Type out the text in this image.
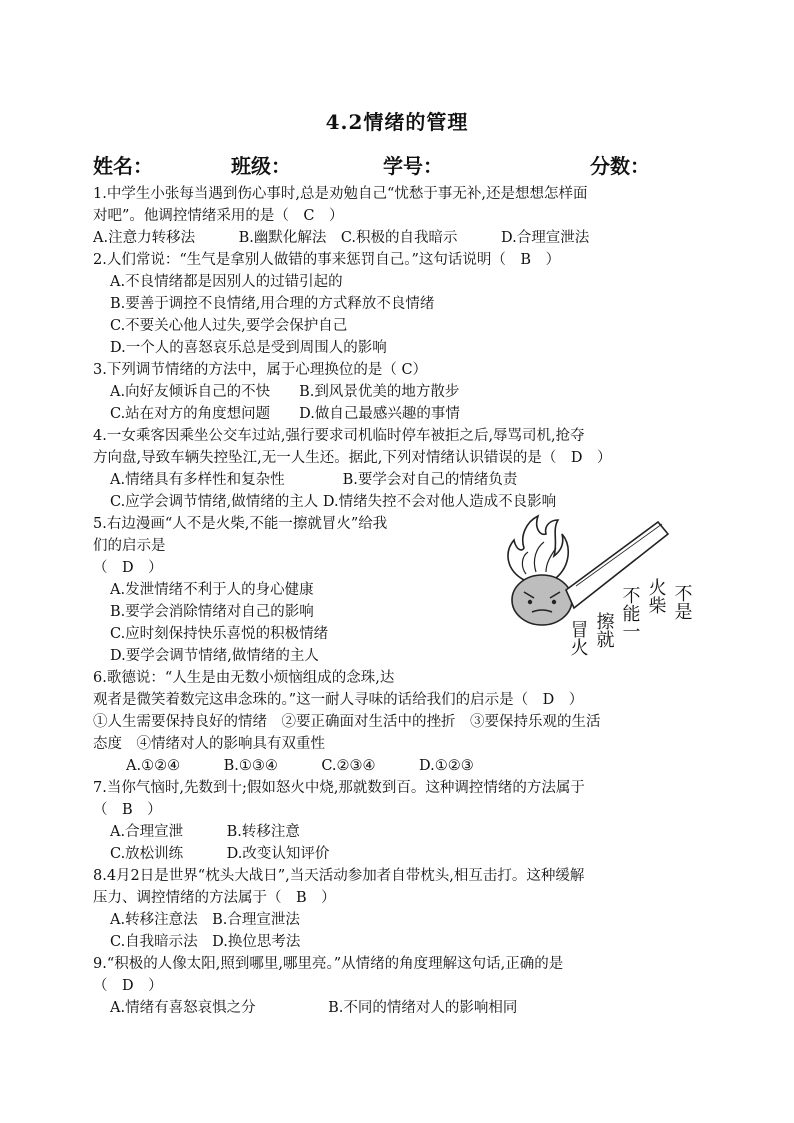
4.2情绪的管理
姓名：	班级：	学号：	分数：
1.中学生小张每当遇到伤心事时,总是劝勉自己“忧愁于事无补,还是想想怎样面
对吧”。他调控情绪采用的是（　C　）
A.注意力转移法　　　B.幽默化解法　C.积极的自我暗示　　　D.合理宣泄法
2.人们常说：“生气是拿别人做错的事来惩罚自己。”这句话说明（　B　）
A.不良情绪都是因别人的过错引起的
B.要善于调控不良情绪,用合理的方式释放不良情绪
C.不要关心他人过失,要学会保护自己
D.一个人的喜怒哀乐总是受到周围人的影响
3.下列调节情绪的方法中，属于心理换位的是（ C）
A.向好友倾诉自己的不快　　B.到风景优美的地方散步
C.站在对方的角度想问题　　D.做自己最感兴趣的事情
4.一女乘客因乘坐公交车过站,强行要求司机临时停车被拒之后,辱骂司机,抢夺
方向盘,导致车辆失控坠江,无一人生还。据此,下列对情绪认识错误的是（　D　）
A.情绪具有多样性和复杂性　　　　B.要学会对自己的情绪负责
C.应学会调节情绪,做情绪的主人 D.情绪失控不会对他人造成不良影响
5.右边漫画“人不是火柴,不能一擦就冒火”给我
们的启示是
（　D　）
A.发泄情绪不利于人的身心健康
B.要学会消除情绪对自己的影响
C.应时刻保持快乐喜悦的积极情绪
D.要学会调节情绪,做情绪的主人
6.歌德说：“人生是由无数小烦恼组成的念珠,达
观者是微笑着数完这串念珠的。”这一耐人寻味的话给我们的启示是（　D　）
①人生需要保持良好的情绪　②要正确面对生活中的挫折　③要保持乐观的生活
态度　④情绪对人的影响具有双重性
A.①②④　　　B.①③④　　　C.②③④　　　D.①②③
7.当你气恼时,先数到十;假如怒火中烧,那就数到百。这种调控情绪的方法属于
（　B　）
A.合理宣泄　　　B.转移注意
C.放松训练　　　D.改变认知评价
8.4月2日是世界“枕头大战日”,当天活动参加者自带枕头,相互击打。这种缓解
压力、调控情绪的方法属于（　B　）
A.转移注意法　B.合理宣泄法
C.自我暗示法　D.换位思考法
9.“积极的人像太阳,照到哪里,哪里亮。”从情绪的角度理解这句话,正确的是
（　D　）
A.情绪有喜怒哀惧之分　　　　　B.不同的情绪对人的影响相同
冒火 擦就 不能一 火柴 不是
